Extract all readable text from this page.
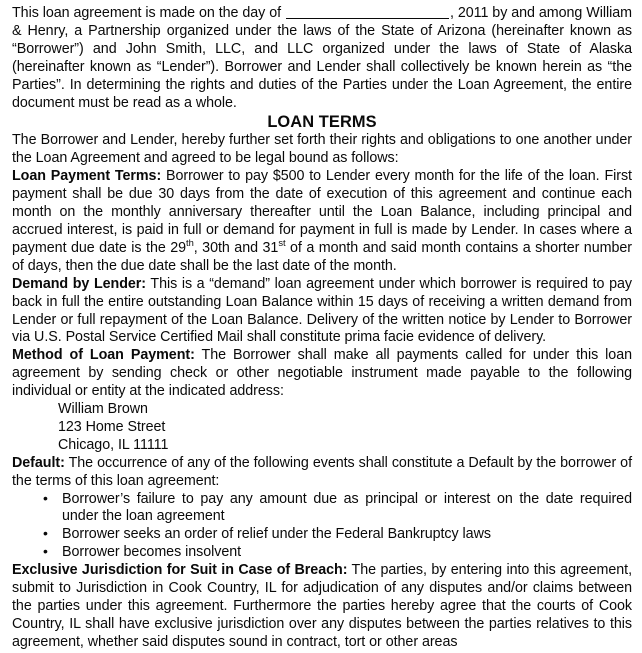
This loan agreement is made on the day of	, 2011 by and among William & Henry, a Partnership organized under the laws of the State of Arizona (hereinafter known as “Borrower”) and John Smith, LLC, and LLC organized under the laws of State of Alaska (hereinafter known as “Lender”). Borrower and Lender shall collectively be known herein as “the Parties”. In determining the rights and duties of the Parties under the Loan Agreement, the entire document must be read as a whole.

LOAN TERMS

The Borrower and Lender, hereby further set forth their rights and obligations to one another under the Loan Agreement and agreed to be legal bound as follows:

Loan Payment Terms: Borrower to pay $500 to Lender every month for the life of the loan. First payment shall be due 30 days from the date of execution of this agreement and continue each month on the monthly anniversary thereafter until the Loan Balance, including principal and accrued interest, is paid in full or demand for payment in full is made by Lender. In cases where a payment due date is the 29th, 30th and 31st of a month and said month contains a shorter number of days, then the due date shall be the last date of the month.

Demand by Lender: This is a “demand” loan agreement under which borrower is required to pay back in full the entire outstanding Loan Balance within 15 days of receiving a written demand from Lender or full repayment of the Loan Balance. Delivery of the written notice by Lender to Borrower via U.S. Postal Service Certified Mail shall constitute prima facie evidence of delivery.

Method of Loan Payment: The Borrower shall make all payments called for under this loan agreement by sending check or other negotiable instrument made payable to the following individual or entity at the indicated address:

William Brown

123 Home Street

Chicago, IL 11111

Default: The occurrence of any of the following events shall constitute a Default by the borrower of the terms of this loan agreement:

• Borrower’s failure to pay any amount due as principal or interest on the date required under the loan agreement
• Borrower seeks an order of relief under the Federal Bankruptcy laws
• Borrower becomes insolvent

Exclusive Jurisdiction for Suit in Case of Breach: The parties, by entering into this agreement, submit to Jurisdiction in Cook Country, IL for adjudication of any disputes and/or claims between the parties under this agreement. Furthermore the parties hereby agree that the courts of Cook Country, IL shall have exclusive jurisdiction over any disputes between the parties relatives to this agreement, whether said disputes sound in contract, tort or other areas
